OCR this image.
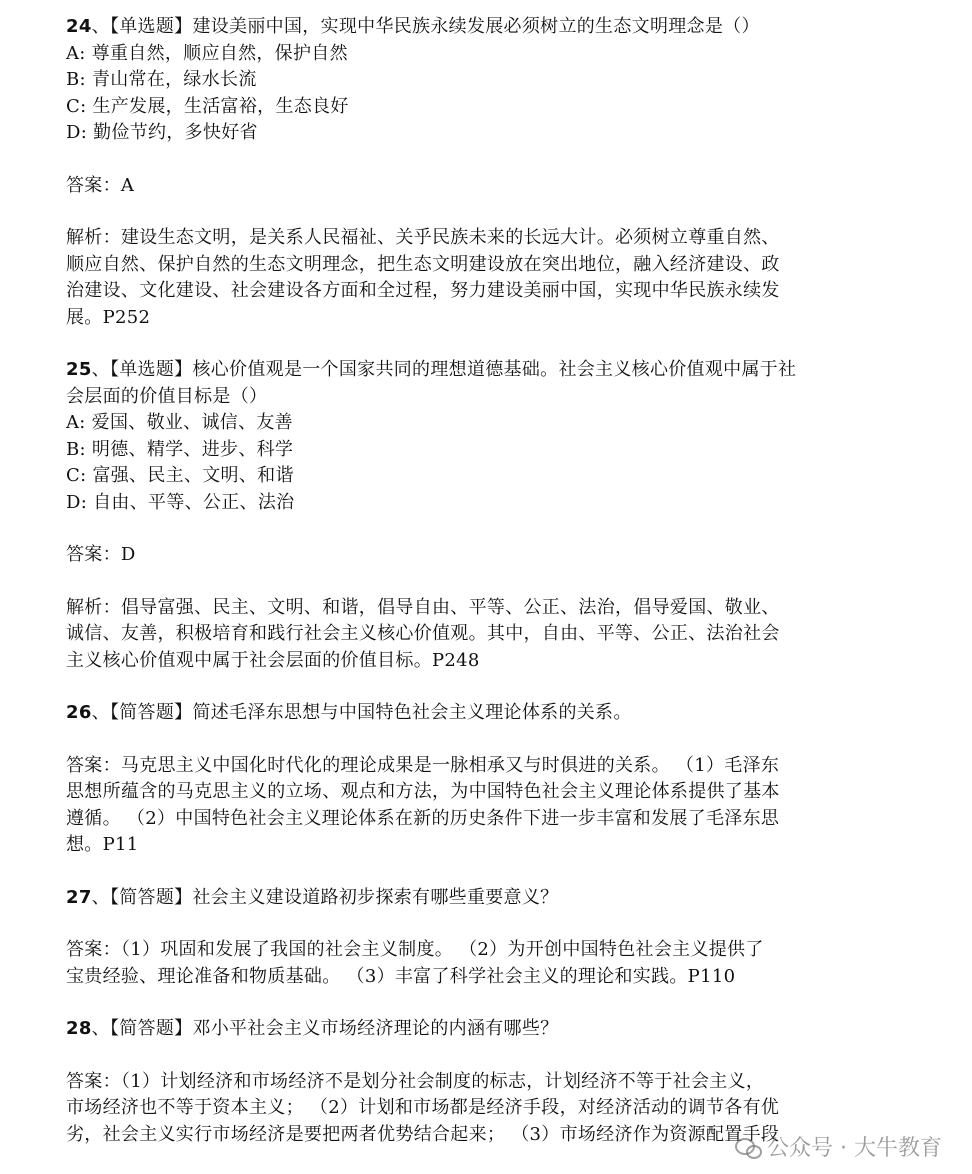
24、【单选题】建设美丽中国，实现中华民族永续发展必须树立的生态文明理念是（）
A: 尊重自然，顺应自然，保护自然
B: 青山常在，绿水长流
C: 生产发展，生活富裕，生态良好
D: 勤俭节约，多快好省
答案：A
解析：建设生态文明，是关系人民福祉、关乎民族未来的长远大计。必须树立尊重自然、
顺应自然、保护自然的生态文明理念，把生态文明建设放在突出地位，融入经济建设、政
治建设、文化建设、社会建设各方面和全过程，努力建设美丽中国，实现中华民族永续发
展。P252
25、【单选题】核心价值观是一个国家共同的理想道德基础。社会主义核心价值观中属于社
会层面的价值目标是（）
A: 爱国、敬业、诚信、友善
B: 明德、精学、进步、科学
C: 富强、民主、文明、和谐
D: 自由、平等、公正、法治
答案：D
解析：倡导富强、民主、文明、和谐，倡导自由、平等、公正、法治，倡导爱国、敬业、
诚信、友善，积极培育和践行社会主义核心价值观。其中，自由、平等、公正、法治社会
主义核心价值观中属于社会层面的价值目标。P248
26、【简答题】简述毛泽东思想与中国特色社会主义理论体系的关系。
答案：马克思主义中国化时代化的理论成果是一脉相承又与时俱进的关系。 （1）毛泽东
思想所蕴含的马克思主义的立场、观点和方法，为中国特色社会主义理论体系提供了基本
遵循。 （2）中国特色社会主义理论体系在新的历史条件下进一步丰富和发展了毛泽东思
想。P11
27、【简答题】社会主义建设道路初步探索有哪些重要意义？
答案：（1）巩固和发展了我国的社会主义制度。 （2）为开创中国特色社会主义提供了
宝贵经验、理论准备和物质基础。 （3）丰富了科学社会主义的理论和实践。P110
28、【简答题】邓小平社会主义市场经济理论的内涵有哪些？
答案：（1）计划经济和市场经济不是划分社会制度的标志，计划经济不等于社会主义，
市场经济也不等于资本主义； （2）计划和市场都是经济手段，对经济活动的调节各有优
劣，社会主义实行市场经济是要把两者优势结合起来； （3）市场经济作为资源配置手段
公众号 · 大牛教育
